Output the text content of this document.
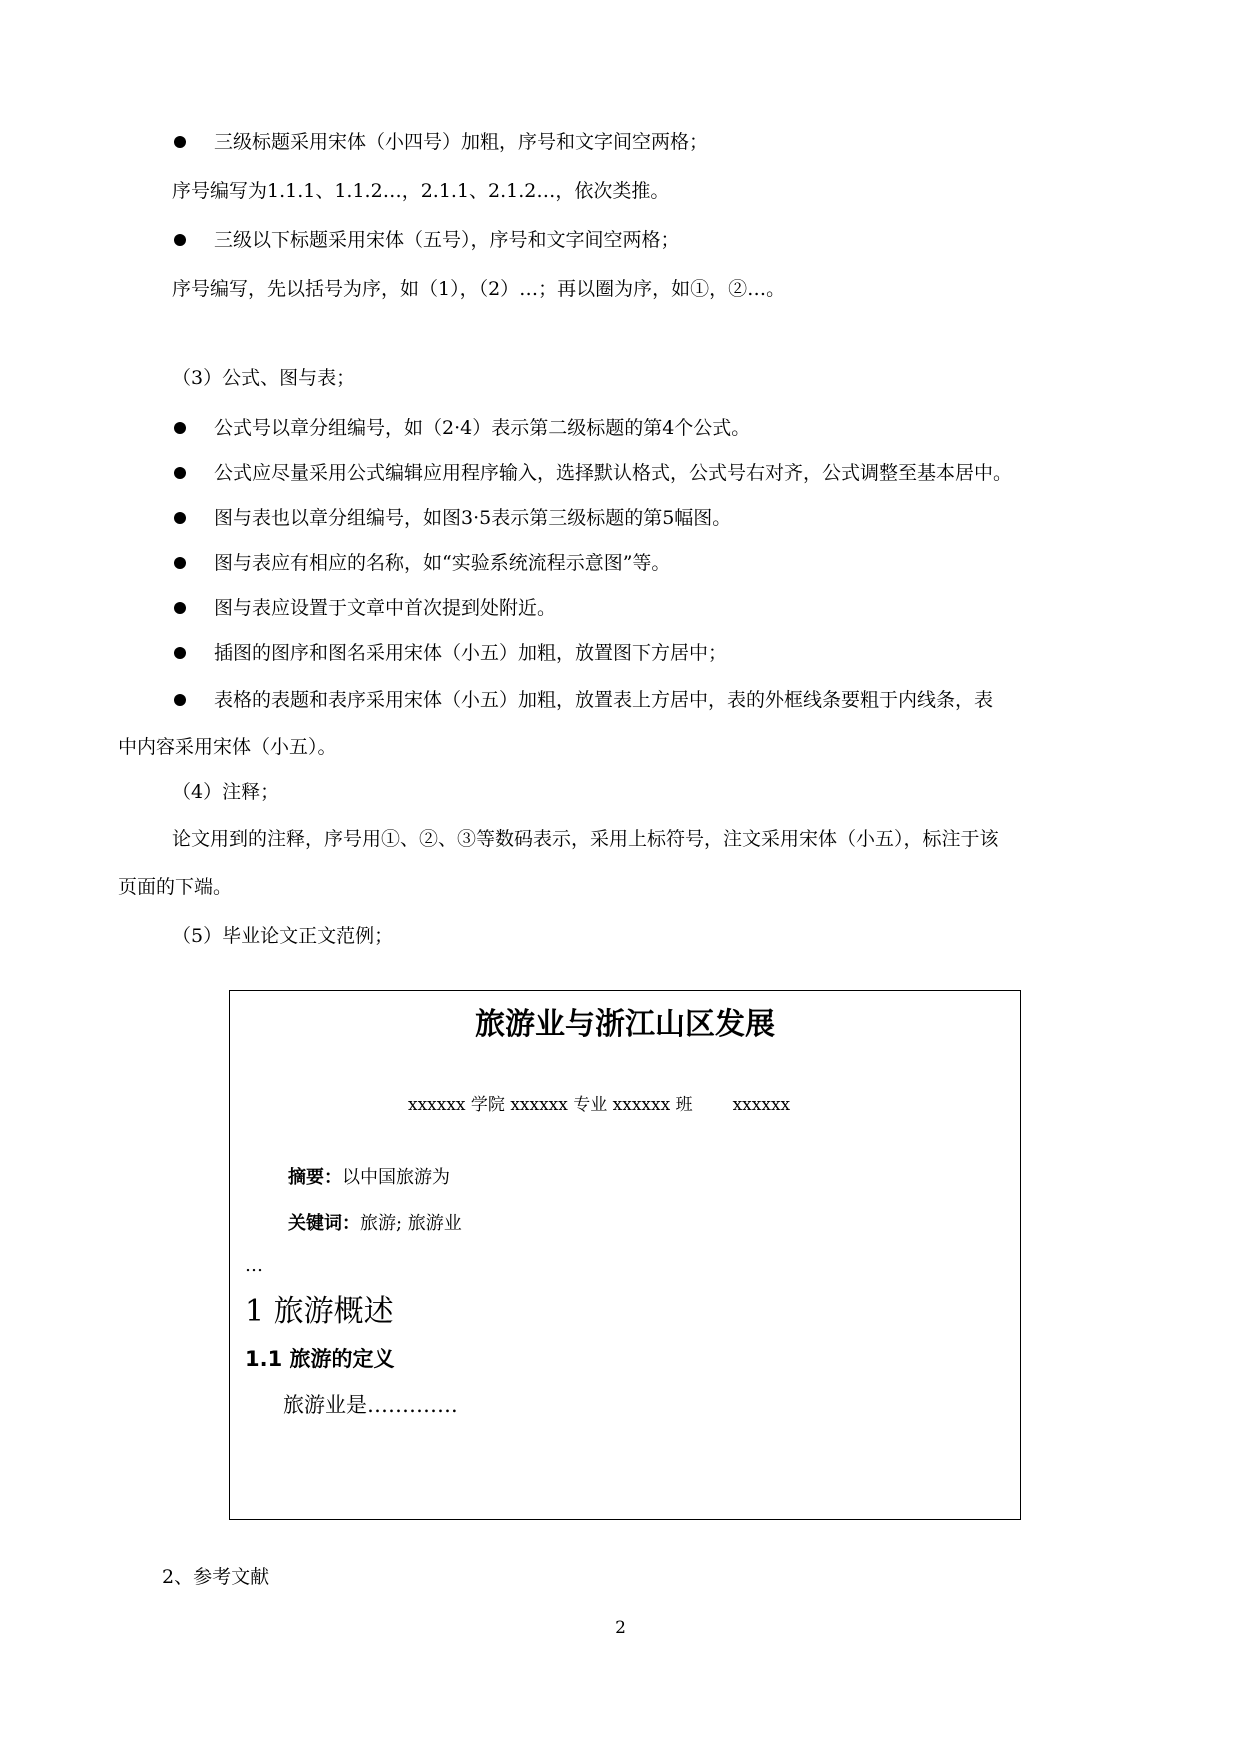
三级标题采用宋体（小四号）加粗，序号和文字间空两格；
序号编写为1.1.1、1.1.2…，2.1.1、2.1.2…，依次类推。
三级以下标题采用宋体（五号），序号和文字间空两格；
序号编写，先以括号为序，如（1），（2）…；再以圈为序，如①，②…。
（3）公式、图与表；
公式号以章分组编号，如（2·4）表示第二级标题的第4个公式。
公式应尽量采用公式编辑应用程序输入，选择默认格式，公式号右对齐，公式调整至基本居中。
图与表也以章分组编号，如图3·5表示第三级标题的第5幅图。
图与表应有相应的名称，如“实验系统流程示意图”等。
图与表应设置于文章中首次提到处附近。
插图的图序和图名采用宋体（小五）加粗，放置图下方居中；
表格的表题和表序采用宋体（小五）加粗，放置表上方居中，表的外框线条要粗于内线条，表
中内容采用宋体（小五）。
（4）注释；
论文用到的注释，序号用①、②、③等数码表示，采用上标符号，注文采用宋体（小五），标注于该
页面的下端。
（5）毕业论文正文范例；
旅游业与浙江山区发展
xxxxxx 学院 xxxxxx 专业 xxxxxx 班 xxxxxx
摘要：以中国旅游为
关键词：旅游; 旅游业
…
1 旅游概述
1.1 旅游的定义
旅游业是………….
2、参考文献
2
